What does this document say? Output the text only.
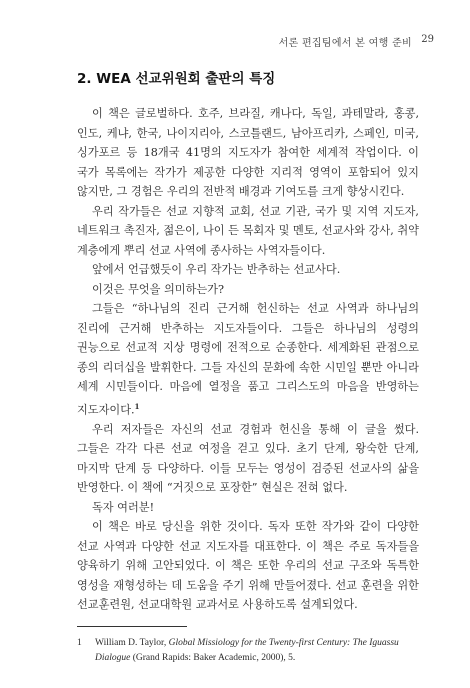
서론 편집팀에서 본 여행 준비 29
2. WEA 선교위원회 출판의 특징

이 책은 글로벌하다. 호주, 브라질, 캐나다, 독일, 과테말라, 홍콩, 인도, 케냐, 한국, 나이지리아, 스코틀랜드, 남아프리카, 스페인, 미국, 싱가포르 등 18개국 41명의 지도자가 참여한 세계적 작업이다. 이 국가 목록에는 작가가 제공한 다양한 지리적 영역이 포함되어 있지 않지만, 그 경험은 우리의 전반적 배경과 기여도를 크게 향상시킨다.

우리 작가들은 선교 지향적 교회, 선교 기관, 국가 및 지역 지도자, 네트워크 촉진자, 젊은이, 나이 든 목회자 및 멘토, 선교사와 강사, 취약 계층에게 뿌리 선교 사역에 종사하는 사역자들이다.

앞에서 언급했듯이 우리 작가는 반추하는 선교사다.

이것은 무엇을 의미하는가?

그들은 “하나님의 진리 근거해 헌신하는 선교 사역과 하나님의 진리에 근거해 반추하는 지도자들이다. 그들은 하나님의 성령의 권능으로 선교적 지상 명령에 전적으로 순종한다. 세계화된 관점으로 종의 리더십을 발휘한다. 그들 자신의 문화에 속한 시민일 뿐만 아니라 세계 시민들이다. 마음에 열정을 품고 그리스도의 마음을 반영하는 지도자이다.$^1$

우리 저자들은 자신의 선교 경험과 헌신을 통해 이 글을 썼다. 그들은 각각 다른 선교 여정을 걷고 있다. 초기 단계, 왕숙한 단계, 마지막 단계 등 다양하다. 이들 모두는 영성이 검증된 선교사의 삶을 반영한다. 이 책에 “거짓으로 포장한” 현실은 전혀 없다.

독자 여러분!

이 책은 바로 당신을 위한 것이다. 독자 또한 작가와 같이 다양한 선교 사역과 다양한 선교 지도자를 대표한다. 이 책은 주로 독자들을 양육하기 위해 고안되었다. 이 책은 또한 우리의 선교 구조와 독특한 영성을 재형성하는 데 도움을 주기 위해 만들어졌다. 선교 훈련을 위한 선교훈련원, 선교대학원 교과서로 사용하도록 설계되었다.

1 William D. Taylor, Global Missiology for the Twenty-first Century: The Iguassu Dialogue (Grand Rapids: Baker Academic, 2000), 5.
